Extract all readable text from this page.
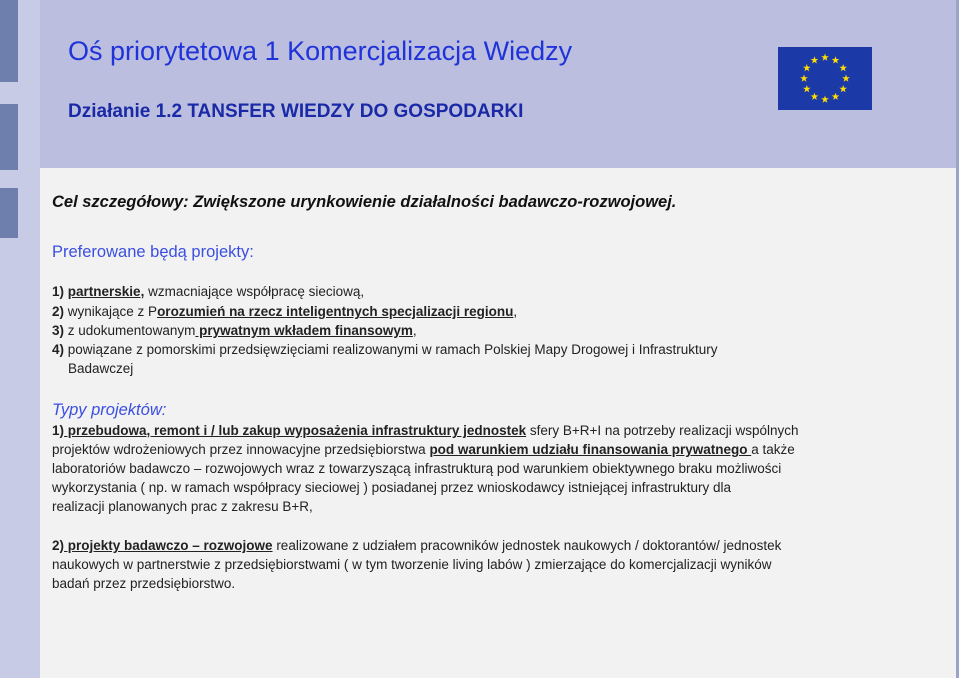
Oś priorytetowa 1 Komercjalizacja Wiedzy
Działanie 1.2 TANSFER WIEDZY DO GOSPODARKI
Cel szczegółowy: Zwiększone urynkowienie działalności badawczo-rozwojowej.
Preferowane będą projekty:
1) partnerskie, wzmacniające współpracę sieciową,
2) wynikające z Porozumień na rzecz inteligentnych specjalizacji regionu,
3) z udokumentowanym prywatnym wkładem finansowym,
4) powiązane z pomorskimi przedsięwzięciami realizowanymi w ramach Polskiej Mapy Drogowej i Infrastruktury
Badawczej
Typy projektów:
1) przebudowa, remont i / lub zakup wyposażenia infrastruktury jednostek sfery B+R+I na potrzeby realizacji wspólnych
projektów wdrożeniowych przez innowacyjne przedsiębiorstwa pod warunkiem udziału finansowania prywatnego a także
laboratoriów badawczo – rozwojowych wraz z towarzyszącą infrastrukturą pod warunkiem obiektywnego braku możliwości
wykorzystania ( np. w ramach współpracy sieciowej ) posiadanej przez wnioskodawcy istniejącej infrastruktury dla
realizacji planowanych prac z zakresu B+R,
2) projekty badawczo – rozwojowe realizowane z udziałem pracowników jednostek naukowych / doktorantów/ jednostek
naukowych w partnerstwie z przedsiębiorstwami ( w tym tworzenie living labów ) zmierzające do komercjalizacji wyników
badań przez przedsiębiorstwo.
